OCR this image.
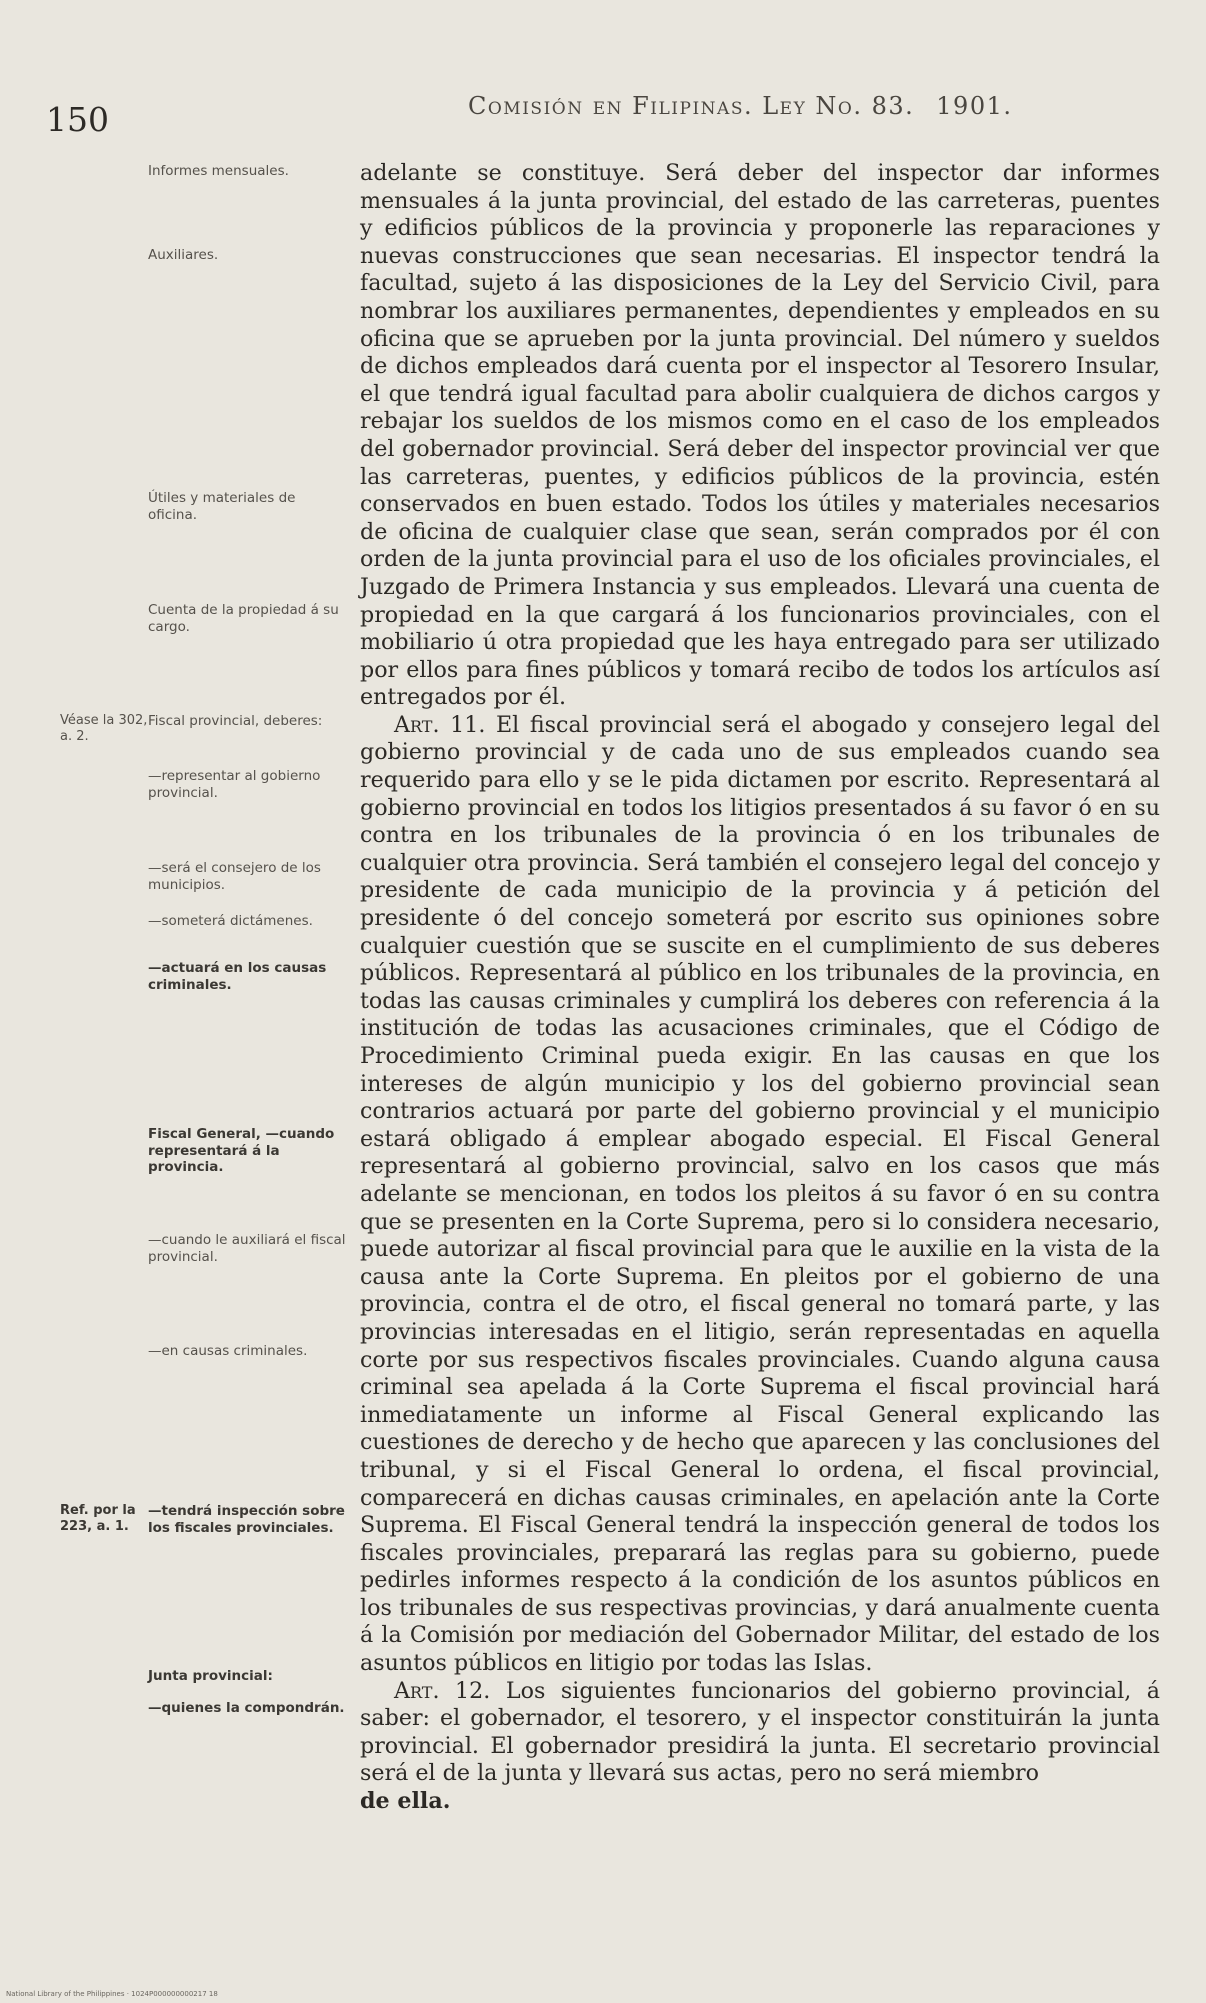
150	Comisión en Filipinas. Ley No. 83. 1901.
Véase la 302, a. 2.
Ref. por la 223, a. 1.
Informes mensuales.
Auxiliares.
Útiles y materiales de oficina.
Cuenta de la propiedad á su cargo.
Fiscal provincial, deberes:
—representar al gobierno provincial.
—será el consejero de los municipios.
—someterá dictámenes.
—actuará en los causas criminales.
Fiscal General, —cuando representará á la provincia.
—cuando le auxiliará el fiscal provincial.
—en causas criminales.
—tendrá inspección sobre los fiscales provinciales.
Junta provincial:
—quienes la compondrán.

adelante se constituye. Será deber del inspector dar informes mensuales á la junta provincial, del estado de las carreteras, puentes y edificios públicos de la provincia y proponerle las reparaciones y nuevas construcciones que sean necesarias. El inspector tendrá la facultad, sujeto á las disposiciones de la Ley del Servicio Civil, para nombrar los auxiliares permanentes, dependientes y empleados en su oficina que se aprueben por la junta provincial. Del número y sueldos de dichos empleados dará cuenta por el inspector al Tesorero Insular, el que tendrá igual facultad para abolir cualquiera de dichos cargos y rebajar los sueldos de los mismos como en el caso de los empleados del gobernador provincial. Será deber del inspector provincial ver que las carreteras, puentes, y edificios públicos de la provincia, estén conservados en buen estado. Todos los útiles y materiales necesarios de oficina de cualquier clase que sean, serán comprados por él con orden de la junta provincial para el uso de los oficiales provinciales, el Juzgado de Primera Instancia y sus empleados. Llevará una cuenta de propiedad en la que cargará á los funcionarios provinciales, con el mobiliario ú otra propiedad que les haya entregado para ser utilizado por ellos para fines públicos y tomará recibo de todos los artículos así entregados por él.

Art. 11. El fiscal provincial será el abogado y consejero legal del gobierno provincial y de cada uno de sus empleados cuando sea requerido para ello y se le pida dictamen por escrito. Representará al gobierno provincial en todos los litigios presentados á su favor ó en su contra en los tribunales de la provincia ó en los tribunales de cualquier otra provincia. Será también el consejero legal del concejo y presidente de cada municipio de la provincia y á petición del presidente ó del concejo someterá por escrito sus opiniones sobre cualquier cuestión que se suscite en el cumplimiento de sus deberes públicos. Representará al público en los tribunales de la provincia, en todas las causas criminales y cumplirá los deberes con referencia á la institución de todas las acusaciones criminales, que el Código de Procedimiento Criminal pueda exigir. En las causas en que los intereses de algún municipio y los del gobierno provincial sean contrarios actuará por parte del gobierno provincial y el municipio estará obligado á emplear abogado especial. El Fiscal General representará al gobierno provincial, salvo en los casos que más adelante se mencionan, en todos los pleitos á su favor ó en su contra que se presenten en la Corte Suprema, pero si lo considera necesario, puede autorizar al fiscal provincial para que le auxilie en la vista de la causa ante la Corte Suprema. En pleitos por el gobierno de una provincia, contra el de otro, el fiscal general no tomará parte, y las provincias interesadas en el litigio, serán representadas en aquella corte por sus respectivos fiscales provinciales. Cuando alguna causa criminal sea apelada á la Corte Suprema el fiscal provincial hará inmediatamente un informe al Fiscal General explicando las cuestiones de derecho y de hecho que aparecen y las conclusiones del tribunal, y si el Fiscal General lo ordena, el fiscal provincial, comparecerá en dichas causas criminales, en apelación ante la Corte Suprema. El Fiscal General tendrá la inspección general de todos los fiscales provinciales, preparará las reglas para su gobierno, puede pedirles informes respecto á la condición de los asuntos públicos en los tribunales de sus respectivas provincias, y dará anualmente cuenta á la Comisión por mediación del Gobernador Militar, del estado de los asuntos públicos en litigio por todas las Islas.

Art. 12. Los siguientes funcionarios del gobierno provincial, á saber: el gobernador, el tesorero, y el inspector constituirán la junta provincial. El gobernador presidirá la junta. El secretario provincial será el de la junta y llevará sus actas, pero no será miembro

de ella.

National Library of the Philippines · 1024P000000000217 18
